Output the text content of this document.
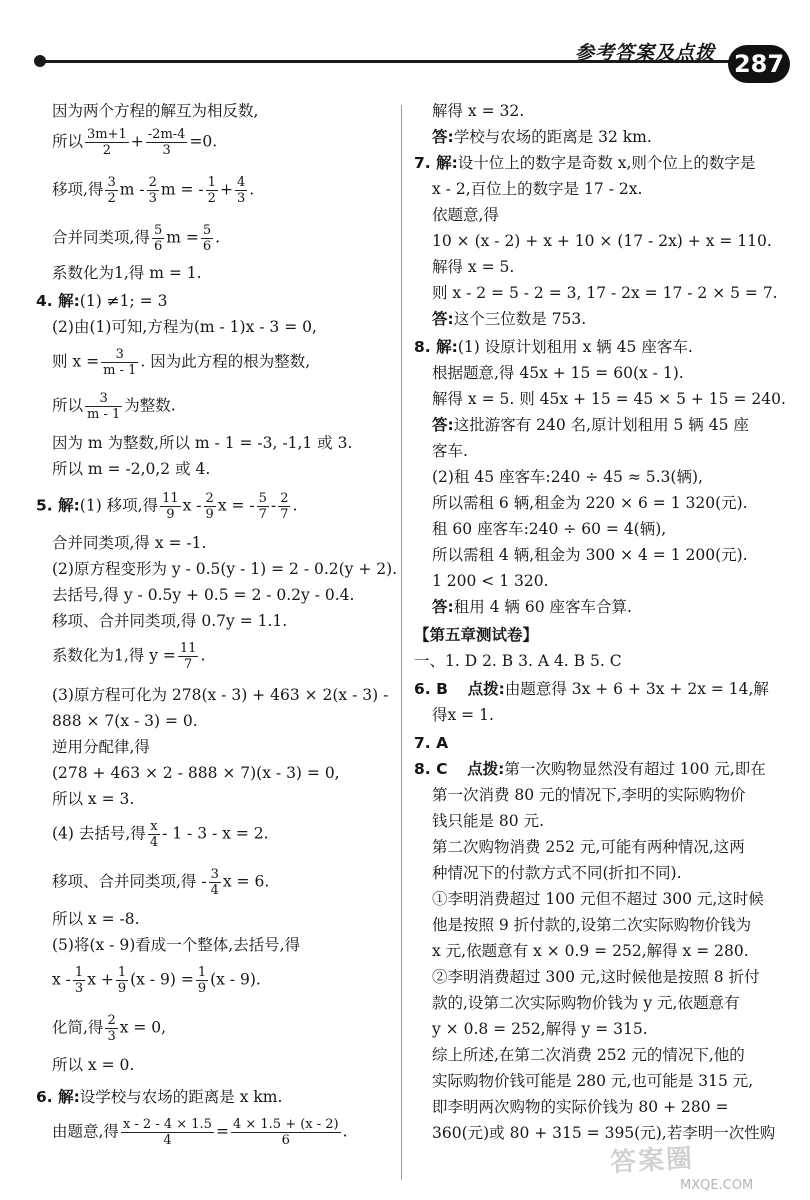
参考答案及点拨 287
因为两个方程的解互为相反数,
所以 $\frac{3m+1}{2} + \frac{-2m-4}{3} =0$.
移项,得 $\frac{3}{2}$ m - $\frac{2}{3}$ m = - $\frac{1}{2} + \frac{4}{3}$ .
合并同类项,得 $\frac{5}{6}$ $m = \frac{5}{6}$ .
系数化为1,得 m = 1.
4. 解:(1) ≠1; = 3
(2)由(1)可知,方程为(m - 1)x - 3 = 0,
则 $x = \frac{3}{m - 1}$ . 因为此方程的根为整数,
所以 $\frac{3}{m - 1}$ 为整数.
因为 m 为整数,所以 m - 1 = -3, -1,1 或 3.
所以 m = -2,0,2 或 4.
5. 解:(1) 移项,得 $\frac{11}{9}$ x - $\frac{2}{9}$ x = - $\frac{5}{7} - \frac{2}{7}$ .
合并同类项,得 x = -1.
(2)原方程变形为 y - 0.5(y - 1) = 2 - 0.2(y + 2).
去括号,得 y - 0.5y + 0.5 = 2 - 0.2y - 0.4.
移项、合并同类项,得 0.7y = 1.1.
系数化为1,得 $y = \frac{11}{7}$ .
(3)原方程可化为 278(x - 3) + 463 × 2(x - 3) -
888 × 7(x - 3) = 0.
逆用分配律,得
(278 + 463 × 2 - 888 × 7)(x - 3) = 0,
所以 x = 3.
(4) 去括号,得 $\frac{x}{4} - 1 - 3 - x = 2$.
移项、合并同类项,得 - $\frac{3}{4}$ x = 6.
所以 x = -8.
(5)将(x - 9)看成一个整体,去括号,得
x - $\frac{1}{3}$ $x + \frac{1}{9} (x - 9) = \frac{1}{9} (x - 9)$.
化简,得 $\frac{2}{3}$ x = 0,
所以 x = 0.
6. 解:设学校与农场的距离是 x km.
由题意,得 $\frac{x - 2 - 4 \times 1.5}{4} = \frac{4 \times 1.5 + (x - 2)}{6}$ .
解得 x = 32.
答:学校与农场的距离是 32 km.
7. 解:设十位上的数字是奇数 x,则个位上的数字是
x - 2,百位上的数字是 17 - 2x.
依题意,得
10 × (x - 2) + x + 10 × (17 - 2x) + x = 110.
解得 x = 5.
则 x - 2 = 5 - 2 = 3, 17 - 2x = 17 - 2 × 5 = 7.
答:这个三位数是 753.
8. 解:(1) 设原计划租用 x 辆 45 座客车.
根据题意,得 45x + 15 = 60(x - 1).
解得 x = 5. 则 45x + 15 = 45 × 5 + 15 = 240.
答:这批游客有 240 名,原计划租用 5 辆 45 座
客车.
(2)租 45 座客车:240 ÷ 45 ≈ 5.3(辆),
所以需租 6 辆,租金为 220 × 6 = 1 320(元).
租 60 座客车:240 ÷ 60 = 4(辆),
所以需租 4 辆,租金为 300 × 4 = 1 200(元).
1 200 < 1 320.
答:租用 4 辆 60 座客车合算.
【第五章测试卷】
一、1. D 2. B 3. A 4. B 5. C
6. B 点拨:由题意得 3x + 6 + 3x + 2x = 14,解
得x = 1.
7. A
8. C 点拨:第一次购物显然没有超过 100 元,即在
第一次消费 80 元的情况下,李明的实际购物价
钱只能是 80 元.
第二次购物消费 252 元,可能有两种情况,这两
种情况下的付款方式不同(折扣不同).
①李明消费超过 100 元但不超过 300 元,这时候
他是按照 9 折付款的,设第二次实际购物价钱为
x 元,依题意有 x × 0.9 = 252,解得 x = 280.
②李明消费超过 300 元,这时候他是按照 8 折付
款的,设第二次实际购物价钱为 y 元,依题意有
y × 0.8 = 252,解得 y = 315.
综上所述,在第二次消费 252 元的情况下,他的
实际购物价钱可能是 280 元,也可能是 315 元,
即李明两次购物的实际价钱为 80 + 280 =
360(元)或 80 + 315 = 395(元),若李明一次性购
答案圈
MXQE.COM
